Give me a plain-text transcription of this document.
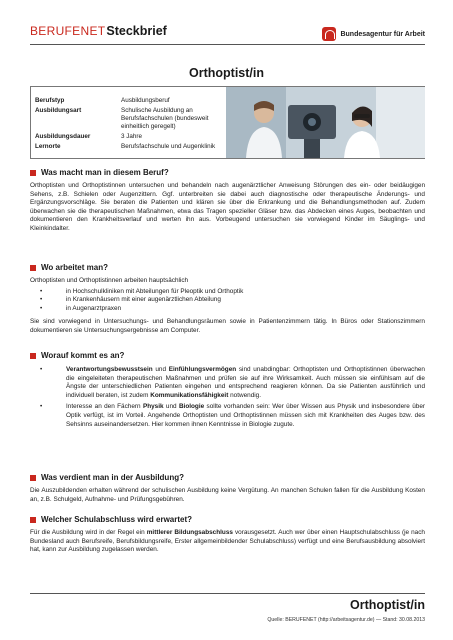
BERUFENET Steckbrief	Bundesagentur für Arbeit
Orthoptist/in
Berufstyp	Ausbildungsberuf
Ausbildungsart	Schulische Ausbildung an Berufsfachschulen (bundesweit einheitlich geregelt)
Ausbildungsdauer	3 Jahre
Lernorte	Berufsfachschule und Augenklinik
Was macht man in diesem Beruf?

Orthoptisten und Orthoptistinnen untersuchen und behandeln nach augenärztlicher Anweisung Störungen des ein- oder beidäugigen Sehens, z.B. Schielen oder Augenzittern. Ggf. unterbreiten sie dabei auch diagnostische oder therapeutische Änderungs- und Ergänzungsvorschläge. Sie beraten die Patienten und klären sie über die Erkrankung und die Behandlungsmethoden auf. Zudem überwachen sie die therapeutischen Maßnahmen, etwa das Tragen spezieller Gläser bzw. das Abdecken eines Auges, beobachten und dokumentieren den Krankheitsverlauf und werten ihn aus. Vorbeugend untersuchen sie vorwiegend Kinder im Säuglings- und Kleinkindalter.

Wo arbeitet man?

Orthoptisten und Orthoptistinnen arbeiten hauptsächlich

• in Hochschulkliniken mit Abteilungen für Pleoptik und Orthoptik
• in Krankenhäusern mit einer augenärztlichen Abteilung
• in Augenarztpraxen

Sie sind vorwiegend in Untersuchungs- und Behandlungsräumen sowie in Patientenzimmern tätig. In Büros oder Stationszimmern dokumentieren sie Untersuchungsergebnisse am Computer.

Worauf kommt es an?
• Verantwortungsbewusstsein und Einfühlungsvermögen sind unabdingbar: Orthoptisten und Orthoptistinnen überwachen die eingeleiteten therapeutischen Maßnahmen und prüfen sie auf ihre Wirksamkeit. Auch müssen sie einfühlsam auf die Ängste der unterschiedlichen Patienten eingehen und entsprechend reagieren können. Da sie Patienten ausführlich und individuell beraten, ist zudem Kommunikationsfähigkeit notwendig.
• Interesse an den Fächern Physik und Biologie sollte vorhanden sein: Wer über Wissen aus Physik und insbesondere über Optik verfügt, ist im Vorteil. Angehende Orthoptisten und Orthoptistinnen müssen sich mit Krankheiten des Auges bzw. des Sehsinns auseinandersetzen. Hier kommen ihnen Kenntnisse in Biologie zugute.
Was verdient man in der Ausbildung?

Die Auszubildenden erhalten während der schulischen Ausbildung keine Vergütung. An manchen Schulen fallen für die Ausbildung Kosten an, z.B. Schulgeld, Aufnahme- und Prüfungsgebühren.

Welcher Schulabschluss wird erwartet?

Für die Ausbildung wird in der Regel ein mittlerer Bildungsabschluss vorausgesetzt. Auch wer über einen Hauptschulabschluss (je nach Bundesland auch Berufsreife, Berufsbildungsreife, Erster allgemeinbildender Schulabschluss) verfügt und eine Berufsausbildung absolviert hat, kann zur Ausbildung zugelassen werden.

Orthoptist/in
Quelle: BERUFENET (http://arbeitsagentur.de) — Stand: 30.08.2013
